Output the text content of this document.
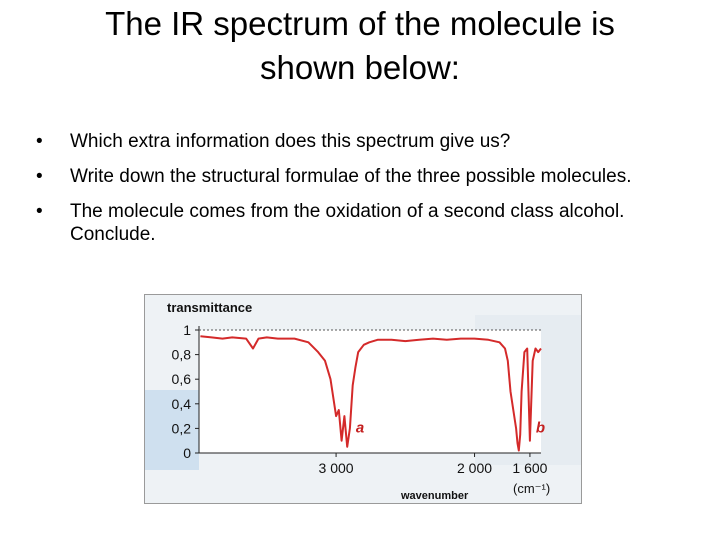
The IR spectrum of the molecule is
shown below:
• Which extra information does this spectrum give us?
• Write down the structural formulae of the three possible molecules.
• The molecule comes from the oxidation of a second class alcohol. Conclude.
transmittance
1
0,8
0,6
0,4
0,2
0
3 000	2 000 1 600
(cm⁻¹)
wavenumber
a	b
